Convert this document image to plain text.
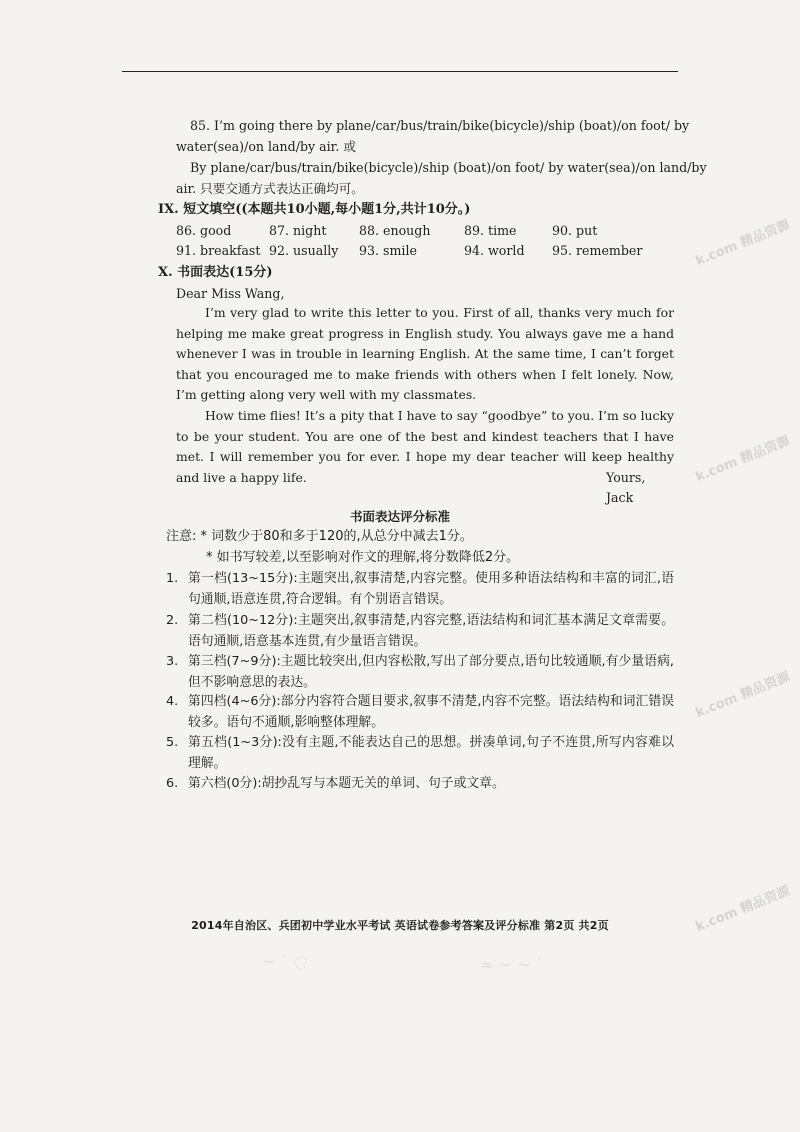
85. I’m going there by plane/car/bus/train/bike(bicycle)/ship (boat)/on foot/ by
water(sea)/on land/by air. 或
By plane/car/bus/train/bike(bicycle)/ship (boat)/on foot/ by water(sea)/on land/by
air. 只要交通方式表达正确均可。
IX. 短文填空((本题共10小题,每小题1分,共计10分。)
86. good	87. night	88. enough	89. time	90. put
91. breakfast 92. usually 93. smile	94. world 95. remember
X. 书面表达(15分)
Dear Miss Wang,
I’m very glad to write this letter to you. First of all, thanks very much for helping me make great progress in English study. You always gave me a hand whenever I was in trouble in learning English. At the same time, I can’t forget that you encouraged me to make friends with others when I felt lonely. Now, I’m getting along very well with my classmates.
How time flies! It’s a pity that I have to say “goodbye” to you. I’m so lucky to be your student. You are one of the best and kindest teachers that I have met. I will remember you for ever. I hope my dear teacher will keep healthy and live a happy life.	Yours,
Jack
书面表达评分标准
注意: * 词数少于80和多于120的,从总分中减去1分。
* 如书写较差,以至影响对作文的理解,将分数降低2分。
1. 第一档(13~15分):主题突出,叙事清楚,内容完整。使用多种语法结构和丰富的词汇,语句通顺,语意连贯,符合逻辑。有个别语言错误。
2. 第二档(10~12分):主题突出,叙事清楚,内容完整,语法结构和词汇基本满足文章需要。语句通顺,语意基本连贯,有少量语言错误。
3. 第三档(7~9分):主题比较突出,但内容松散,写出了部分要点,语句比较通顺,有少量语病,但不影响意思的表达。
4. 第四档(4~6分):部分内容符合题目要求,叙事不清楚,内容不完整。语法结构和词汇错误较多。语句不通顺,影响整体理解。
5. 第五档(1~3分):没有主题,不能表达自己的思想。拼凑单词,句子不连贯,所写内容难以理解。
6. 第六档(0分):胡抄乱写与本题无关的单词、句子或文章。
2014年自治区、兵团初中学业水平考试 英语试卷参考答案及评分标准 第2页 共2页
k.com 精品资源
k.com 精品资源
k.com 精品资源
k.com 精品资源
~ ˙ ◌	≈ ~ ~ ˙
